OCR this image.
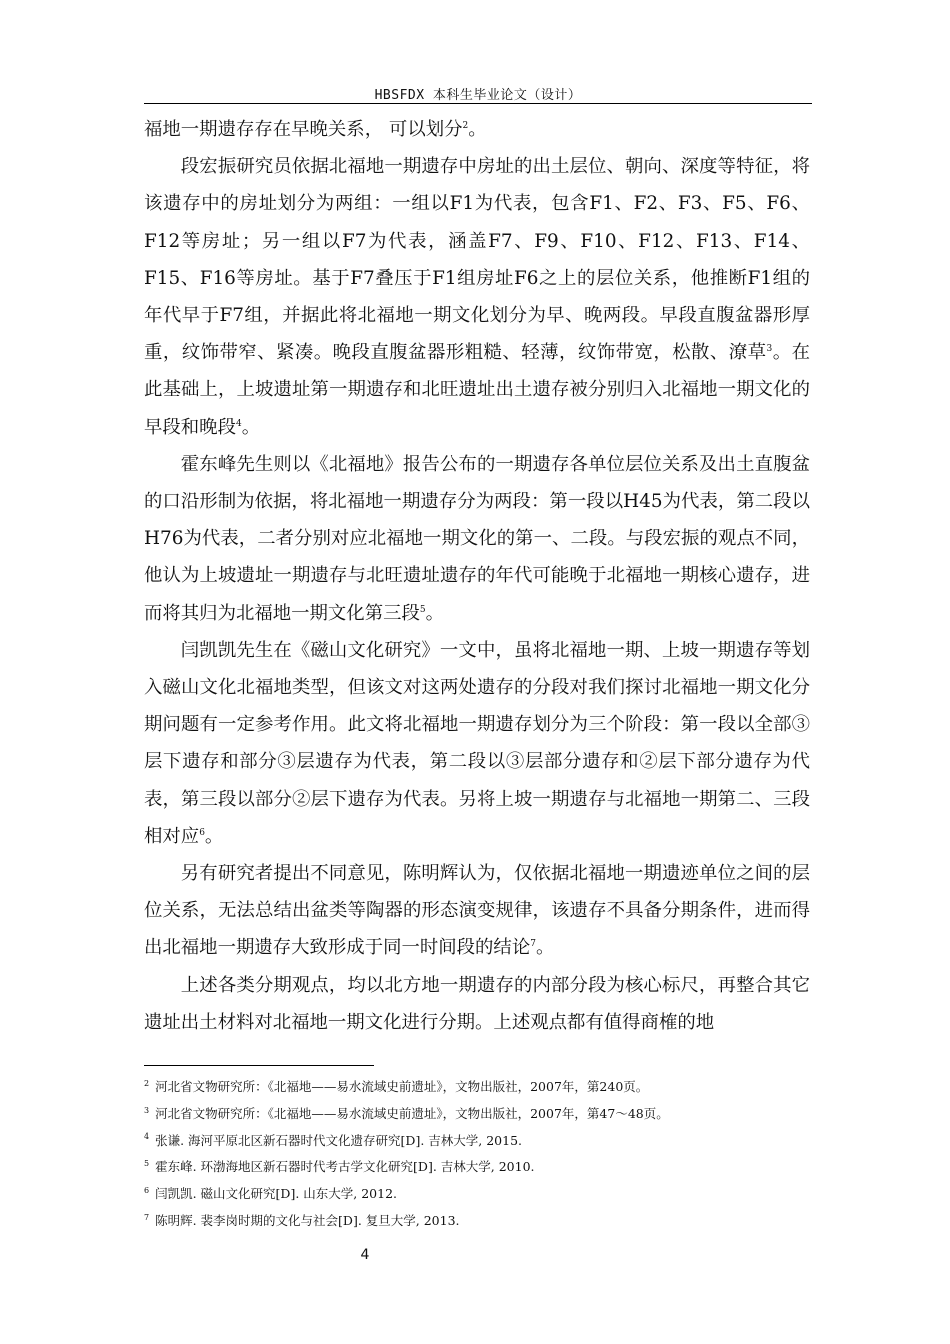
HBSFDX 本科生毕业论文（设计）

福地一期遗存存在早晚关系， 可以划分$^2$。

段宏振研究员依据北福地一期遗存中房址的出土层位、朝向、深度等特征，将该遗存中的房址划分为两组：一组以F1为代表，包含F1、F2、F3、F5、F6、F12等房址；另一组以F7为代表，涵盖F7、F9、F10、F12、F13、F14、F15、F16等房址。基于F7叠压于F1组房址F6之上的层位关系，他推断F1组的年代早于F7组，并据此将北福地一期文化划分为早、晚两段。早段直腹盆器形厚重，纹饰带窄、紧凑。晚段直腹盆器形粗糙、轻薄，纹饰带宽，松散、潦草$^3$。在此基础上，上坡遗址第一期遗存和北旺遗址出土遗存被分别归入北福地一期文化的早段和晚段$^4$。

霍东峰先生则以《北福地》报告公布的一期遗存各单位层位关系及出土直腹盆的口沿形制为依据，将北福地一期遗存分为两段：第一段以H45为代表，第二段以H76为代表，二者分别对应北福地一期文化的第一、二段。与段宏振的观点不同，他认为上坡遗址一期遗存与北旺遗址遗存的年代可能晚于北福地一期核心遗存，进而将其归为北福地一期文化第三段$^5$。

闫凯凯先生在《磁山文化研究》一文中，虽将北福地一期、上坡一期遗存等划入磁山文化北福地类型，但该文对这两处遗存的分段对我们探讨北福地一期文化分期问题有一定参考作用。此文将北福地一期遗存划分为三个阶段：第一段以全部③层下遗存和部分③层遗存为代表，第二段以③层部分遗存和②层下部分遗存为代 表，第三段以部分②层下遗存为代表。另将上坡一期遗存与北福地一期第二、三段相对应$^6$。

另有研究者提出不同意见，陈明辉认为，仅依据北福地一期遗迹单位之间的层位关系，无法总结出盆类等陶器的形态演变规律，该遗存不具备分期条件，进而得出北福地一期遗存大致形成于同一时间段的结论$^7$。

上述各类分期观点，均以北方地一期遗存的内部分段为核心标尺，再整合其它遗址出土材料对北福地一期文化进行分期。上述观点都有值得商榷的地

$^2$ 河北省文物研究所：《北福地——易水流域史前遗址》，文物出版社，2007年，第240页。
$^3$ 河北省文物研究所：《北福地——易水流域史前遗址》，文物出版社，2007年，第47～48页。
$^4$ 张谦. 海河平原北区新石器时代文化遗存研究[D]. 吉林大学, 2015.
$^5$ 霍东峰. 环渤海地区新石器时代考古学文化研究[D]. 吉林大学, 2010.
$^6$ 闫凯凯. 磁山文化研究[D]. 山东大学, 2012.
$^7$ 陈明辉. 裴李岗时期的文化与社会[D]. 复旦大学, 2013.
4
